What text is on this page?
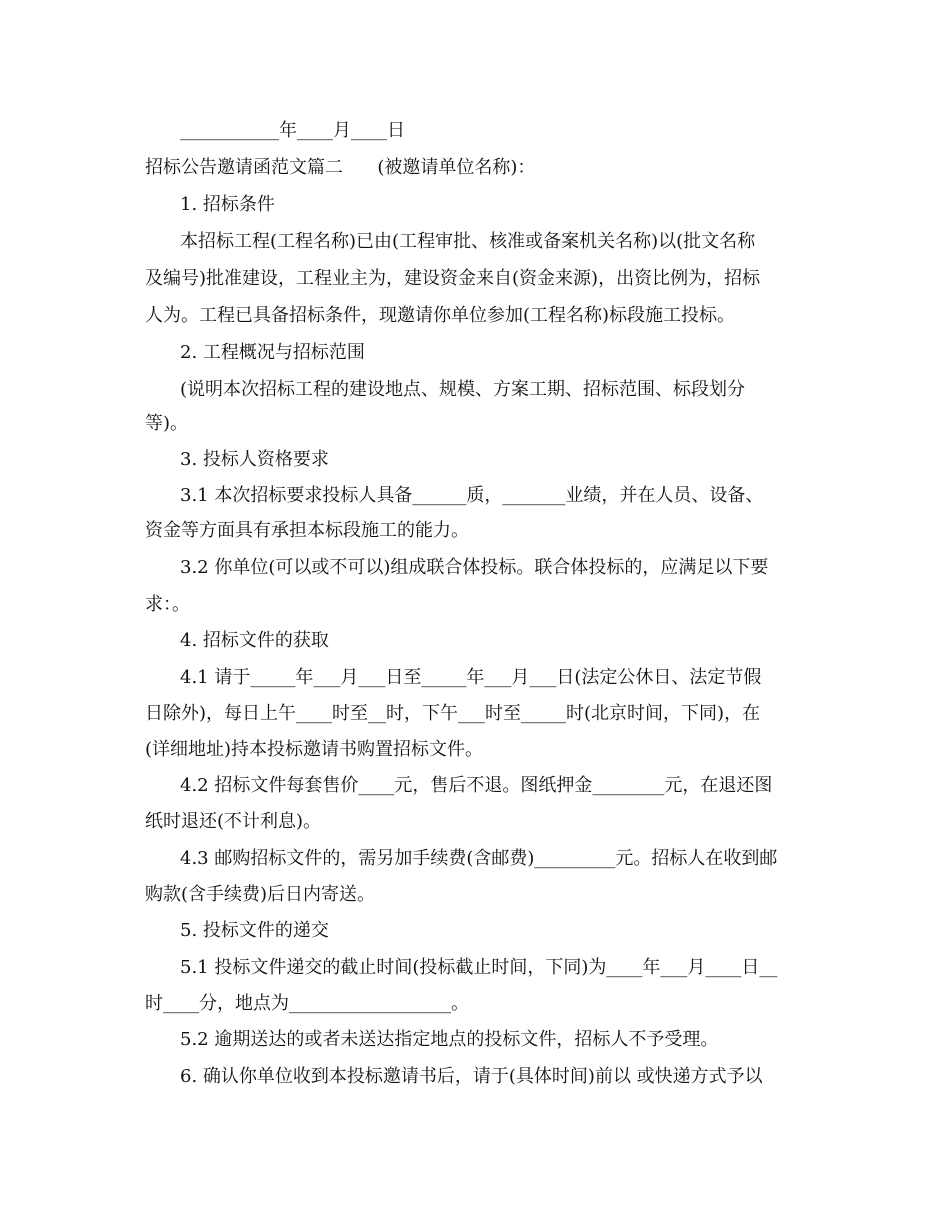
___________年____月____日
招标公告邀请函范文篇二      (被邀请单位名称)：
1. 招标条件
本招标工程(工程名称)已由(工程审批、核准或备案机关名称)以(批文名称
及编号)批准建设，工程业主为，建设资金来自(资金来源)，出资比例为，招标
人为。工程已具备招标条件，现邀请你单位参加(工程名称)标段施工投标。
2. 工程概况与招标范围
(说明本次招标工程的建设地点、规模、方案工期、招标范围、标段划分
等)。
3. 投标人资格要求
3.1 本次招标要求投标人具备______质，_______业绩，并在人员、设备、
资金等方面具有承担本标段施工的能力。
3.2 你单位(可以或不可以)组成联合体投标。联合体投标的，应满足以下要
求：。
4. 招标文件的获取
4.1 请于_____年___月___日至_____年___月___日(法定公休日、法定节假
日除外)，每日上午____时至__时，下午___时至_____时(北京时间，下同)，在
(详细地址)持本投标邀请书购置招标文件。
4.2 招标文件每套售价____元，售后不退。图纸押金________元，在退还图
纸时退还(不计利息)。
4.3 邮购招标文件的，需另加手续费(含邮费)_________元。招标人在收到邮
购款(含手续费)后日内寄送。
5. 投标文件的递交
5.1 投标文件递交的截止时间(投标截止时间，下同)为____年___月____日__
时____分，地点为__________________。
5.2 逾期送达的或者未送达指定地点的投标文件，招标人不予受理。
6. 确认你单位收到本投标邀请书后，请于(具体时间)前以 或快递方式予以
